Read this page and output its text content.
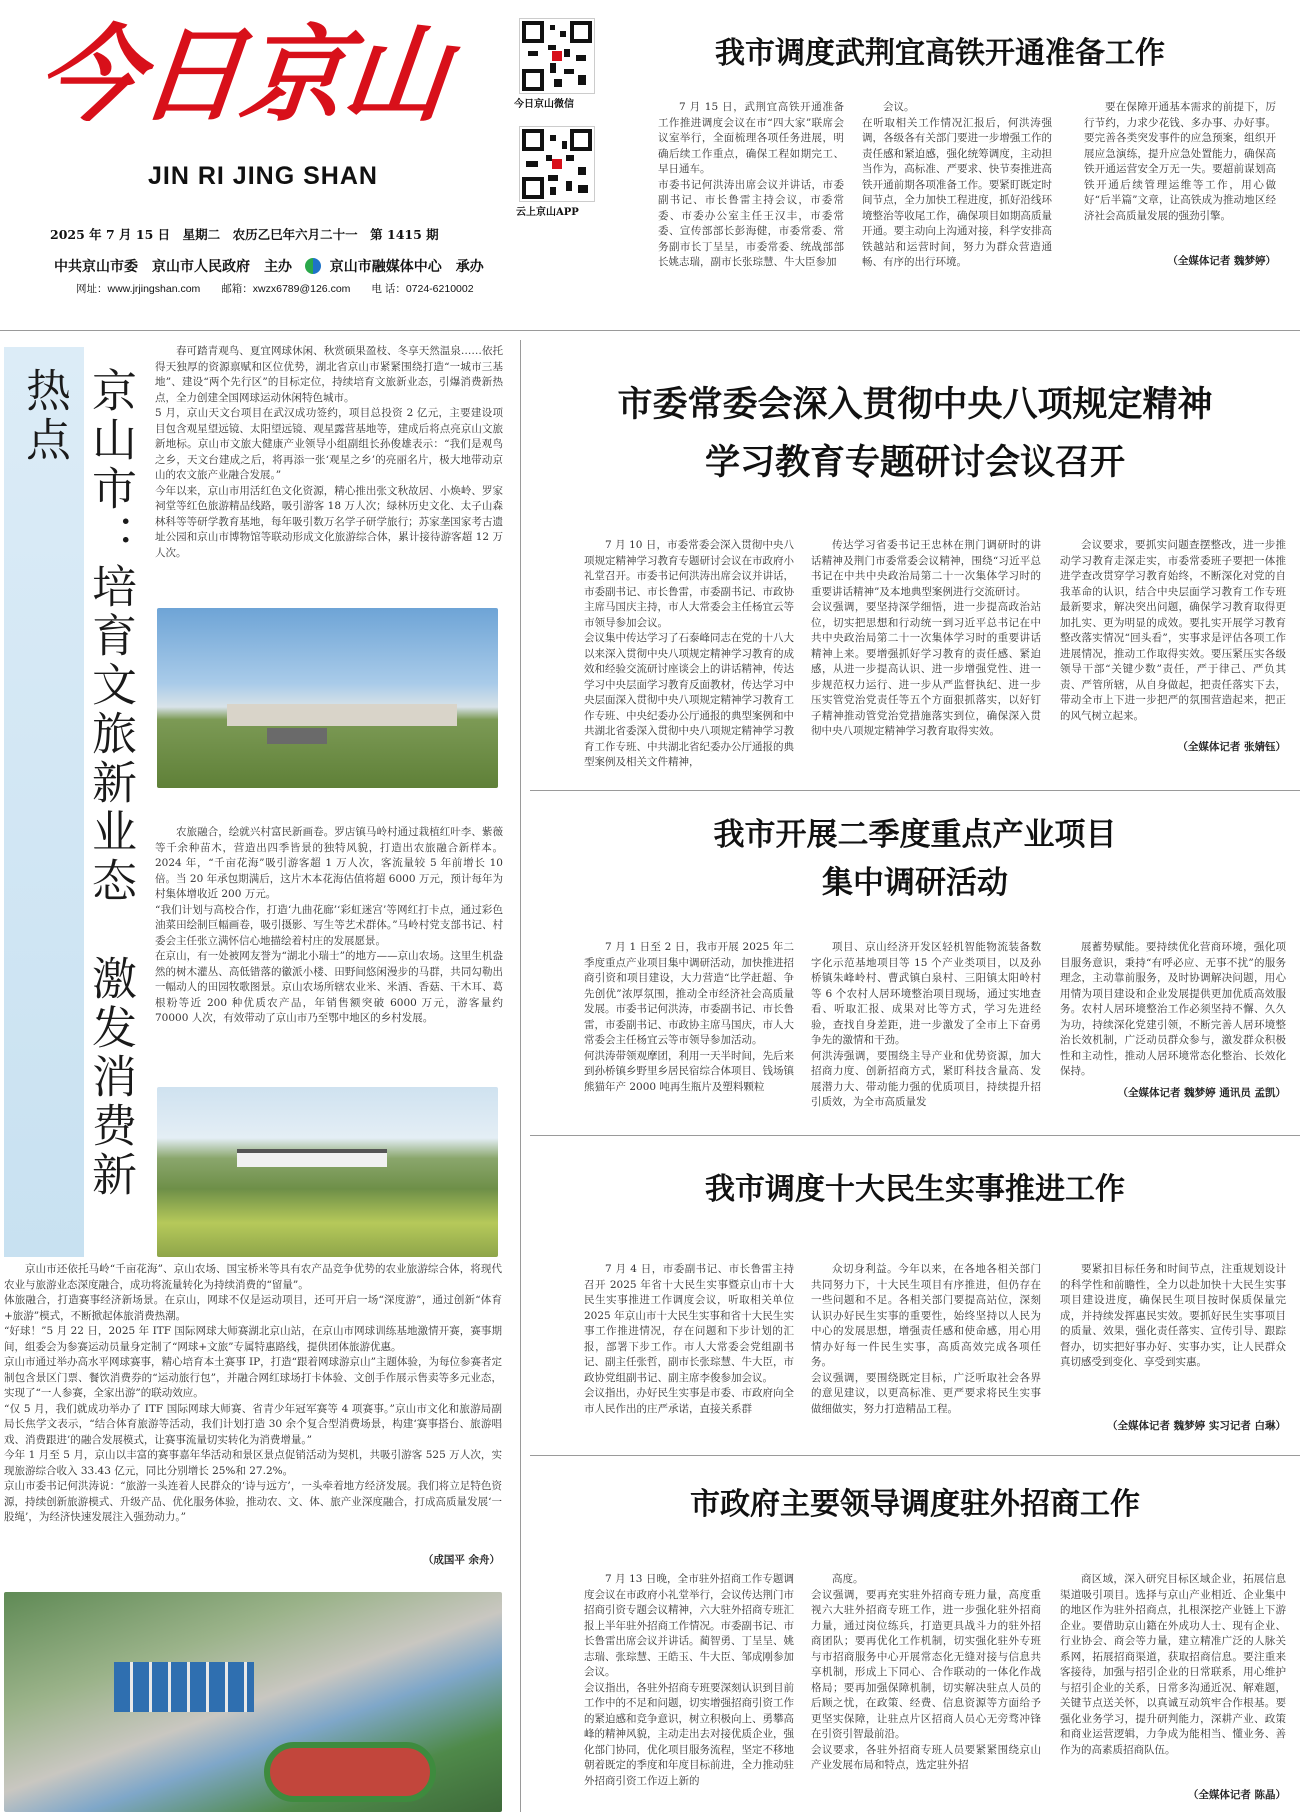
今日京山
JIN RI JING SHAN
2025 年 7 月 15 日　星期二　农历乙巳年六月二十一　第 1415 期
中共京山市委　京山市人民政府　主办	京山市融媒体中心　承办
网址：www.jrjingshan.com　　邮箱：xwzx6789@126.com　　电 话：0724-6210002
今日京山微信
云上京山APP
我市调度武荆宜高铁开通准备工作
7 月 15 日，武荆宜高铁开通准备工作推进调度会议在市“四大家”联席会议室举行，全面梳理各项任务进展，明确后续工作重点，确保工程如期完工、早日通车。
市委书记何洪涛出席会议并讲话，市委副书记、市长鲁雷主持会议，市委常委、市委办公室主任王汉丰，市委常委、宣传部部长彭海健，市委常委、常务副市长丁呈呈，市委常委、统战部部长姚志瑞，副市长张琮慧、牛大臣参加
会议。
在听取相关工作情况汇报后，何洪涛强调，各级各有关部门要进一步增强工作的责任感和紧迫感，强化统筹调度，主动担当作为，高标准、严要求、快节奏推进高铁开通前期各项准备工作。要紧盯既定时间节点，全力加快工程进度，抓好沿线环境整治等收尾工作，确保项目如期高质量开通。要主动向上沟通对接，科学安排高铁越站和运营时间，努力为群众营造通畅、有序的出行环境。
要在保障开通基本需求的前提下，厉行节约，力求少花钱、多办事、办好事。要完善各类突发事件的应急预案，组织开展应急演练，提升应急处置能力，确保高铁开通运营安全万无一失。要超前谋划高铁开通后续管理运维等工作，用心做好“后半篇”文章，让高铁成为推动地区经济社会高质量发展的强劲引擎。
（全媒体记者 魏梦婷）
京山市：培育文旅新业态　激发消费新热点
春可踏青观鸟、夏宜网球休闲、秋赏硕果盈枝、冬享天然温泉……依托得天独厚的资源禀赋和区位优势，湖北省京山市紧紧围绕打造“一城市三基地”、建设“两个先行区”的目标定位，持续培育文旅新业态，引爆消费新热点，全力创建全国网球运动休闲特色城市。
5 月，京山天文台项目在武汉成功签约，项目总投资 2 亿元，主要建设项目包含观星望远镜、太阳望远镜、观星露营基地等，建成后将点亮京山文旅新地标。京山市文旅大健康产业领导小组副组长孙俊雄表示：“我们是观鸟之乡，天文台建成之后，将再添一张‘观星之乡’的亮丽名片，极大地带动京山的农文旅产业融合发展。”
今年以来，京山市用活红色文化资源，精心推出张文秋故居、小焕岭、罗家祠堂等红色旅游精品线路，吸引游客 18 万人次；绿林历史文化、太子山森林科等等研学教育基地，每年吸引数万名学子研学旅行；苏家垄国家考古遗址公园和京山市博物馆等联动形成文化旅游综合体，累计接待游客超 12 万人次。
农旅融合，绘就兴村富民新画卷。罗店镇马岭村通过栽植红叶李、紫薇等千余种苗木，营造出四季皆景的独特风貌，打造出农旅融合新样本。2024 年，“千亩花海”吸引游客超 1 万人次，客流量较 5 年前增长 10 倍。当 20 年承包期满后，这片木本花海估值将超 6000 万元，预计每年为村集体增收近 200 万元。
“我们计划与高校合作，打造‘九曲花廊’‘彩虹迷宫’等网红打卡点，通过彩色油菜田绘制巨幅画卷，吸引摄影、写生等艺术群体。”马岭村党支部书记、村委会主任张立满怀信心地描绘着村庄的发展愿景。
在京山，有一处被网友誉为“湖北小瑞士”的地方——京山农场。这里生机盎然的树木灌丛、高低错落的徽派小楼、田野间悠闲漫步的马群，共同勾勒出一幅动人的田园牧歌图景。京山农场所辖农业米、米酒、香菇、干木耳、葛根粉等近 200 种优质农产品，年销售额突破 6000 万元，游客量约 70000 人次，有效带动了京山市乃至鄂中地区的乡村发展。
京山市还依托马岭“千亩花海”、京山农场、国宝桥米等具有农产品竞争优势的农业旅游综合体，将现代农业与旅游业态深度融合，成功将流量转化为持续消费的“留量”。
体旅融合，打造赛事经济新场景。在京山，网球不仅是运动项目，还可开启一场“深度游”，通过创新“体育+旅游”模式，不断掀起体旅消费热潮。
“好球！”5 月 22 日，2025 年 ITF 国际网球大师赛湖北京山站，在京山市网球训练基地激情开赛，赛事期间，组委会为参赛运动员量身定制了“网球+文旅”专属特惠路线，提供团体旅游优惠。
京山市通过举办高水平网球赛事，精心培育本土赛事 IP，打造“跟着网球游京山”主题体验，为每位参赛者定制包含景区门票、餐饮消费券的“运动旅行包”，并融合网红球场打卡体验、文创手作展示售卖等多元业态，实现了“一人参赛，全家出游”的联动效应。
“仅 5 月，我们就成功举办了 ITF 国际网球大师赛、省青少年冠军赛等 4 项赛事。”京山市文化和旅游局副局长焦学文表示，“结合体育旅游等活动，我们计划打造 30 余个复合型消费场景，构建‘赛事搭台、旅游唱戏、消费跟进’的融合发展模式，让赛事流量切实转化为消费增量。”
今年 1 月至 5 月，京山以丰富的赛事嘉年华活动和景区景点促销活动为契机，共吸引游客 525 万人次，实现旅游综合收入 33.43 亿元，同比分别增长 25%和 27.2%。
京山市委书记何洪涛说：“旅游一头连着人民群众的‘诗与远方’，一头牵着地方经济发展。我们将立足特色资源，持续创新旅游模式、升级产品、优化服务体验，推动农、文、体、旅产业深度融合，打成高质量发展‘一股绳’，为经济快速发展注入强劲动力。”
（成国平 余舟）
市委常委会深入贯彻中央八项规定精神
学习教育专题研讨会议召开
7 月 10 日，市委常委会深入贯彻中央八项规定精神学习教育专题研讨会议在市政府小礼堂召开。市委书记何洪涛出席会议并讲话，市委副书记、市长鲁雷，市委副书记、市政协主席马国庆主持，市人大常委会主任杨宜云等市领导参加会议。
会议集中传达学习了石泰峰同志在党的十八大以来深入贯彻中央八项规定精神学习教育的成效和经验交流研讨座谈会上的讲话精神，传达学习中央层面学习教育反面教材，传达学习中央层面深入贯彻中央八项规定精神学习教育工作专班、中央纪委办公厅通报的典型案例和中共湖北省委深入贯彻中央八项规定精神学习教育工作专班、中共湖北省纪委办公厅通报的典型案例及相关文件精神，
传达学习省委书记王忠林在荆门调研时的讲话精神及荆门市委常委会议精神，围绕“习近平总书记在中共中央政治局第二十一次集体学习时的重要讲话精神”及本地典型案例进行交流研讨。
会议强调，要坚持深学细悟，进一步提高政治站位，切实把思想和行动统一到习近平总书记在中共中央政治局第二十一次集体学习时的重要讲话精神上来。要增强抓好学习教育的责任感、紧迫感，从进一步提高认识、进一步增强党性、进一步规范权力运行、进一步从严监督执纪、进一步压实管党治党责任等五个方面狠抓落实，以好钉子精神推动管党治党措施落实到位，确保深入贯彻中央八项规定精神学习教育取得实效。
会议要求，要抓实问题查摆整改，进一步推动学习教育走深走实，市委常委班子要把一体推进学查改贯穿学习教育始终，不断深化对党的自我革命的认识，结合中央层面学习教育工作专班最新要求，解决突出问题，确保学习教育取得更加扎实、更为明显的成效。要扎实开展学习教育整改落实情况“回头看”，实事求是评估各项工作进展情况，推动工作取得实效。要压紧压实各级领导干部“关键少数”责任，严于律己、严负其责、严管所辖，从自身做起，把责任落实下去，带动全市上下进一步把严的氛围营造起来，把正的风气树立起来。
（全媒体记者 张婧钰）
我市开展二季度重点产业项目
集中调研活动
7 月 1 日至 2 日，我市开展 2025 年二季度重点产业项目集中调研活动，加快推进招商引资和项目建设，大力营造“比学赶超、争先创优”浓厚氛围，推动全市经济社会高质量发展。市委书记何洪涛，市委副书记、市长鲁雷，市委副书记、市政协主席马国庆，市人大常委会主任杨宜云等市领导参加活动。
何洪涛带领观摩团，利用一天半时间，先后来到孙桥镇乡野里乡居民宿综合体项目、钱场镇熊猫年产 2000 吨再生瓶片及塑料颗粒
项目、京山经济开发区轻机智能物流装备数字化示范基地项目等 15 个产业类项目，以及孙桥镇朱峰岭村、曹武镇白泉村、三阳镇太阳岭村等 6 个农村人居环境整治项目现场，通过实地查看、听取汇报、成果对比等方式，学习先进经验，查找自身差距，进一步激发了全市上下奋勇争先的激情和干劲。
何洪涛强调，要围绕主导产业和优势资源，加大招商力度、创新招商方式，紧盯科技含量高、发展潜力大、带动能力强的优质项目，持续提升招引质效，为全市高质量发
展蓄势赋能。要持续优化营商环境，强化项目服务意识，秉持“有呼必应、无事不扰”的服务理念，主动靠前服务，及时协调解决问题，用心用情为项目建设和企业发展提供更加优质高效服务。农村人居环境整治工作必须坚持不懈、久久为功，持续深化党建引领，不断完善人居环境整治长效机制，广泛动员群众参与，激发群众积极性和主动性，推动人居环境常态化整治、长效化保持。
（全媒体记者 魏梦婷 通讯员 孟凯）
我市调度十大民生实事推进工作
7 月 4 日，市委副书记、市长鲁雷主持召开 2025 年省十大民生实事暨京山市十大民生实事推进工作调度会议，听取相关单位 2025 年京山市十大民生实事和省十大民生实事工作推进情况，存在问题和下步计划的汇报，部署下步工作。市人大常委会党组副书记、副主任张哲，副市长张琮慧、牛大臣，市政协党组副书记、副主席李俊参加会议。
会议指出，办好民生实事是市委、市政府向全市人民作出的庄严承诺，直接关系群
众切身利益。今年以来，在各地各相关部门共同努力下，十大民生项目有序推进，但仍存在一些问题和不足。各相关部门要提高站位，深刻认识办好民生实事的重要性，始终坚持以人民为中心的发展思想，增强责任感和使命感，用心用情办好每一件民生实事，高质高效完成各项任务。
会议强调，要围绕既定目标，广泛听取社会各界的意见建议，以更高标准、更严要求将民生实事做细做实，努力打造精品工程。
要紧扣目标任务和时间节点，注重规划设计的科学性和前瞻性，全力以赴加快十大民生实事项目建设进度，确保民生项目按时保质保量完成，并持续发挥惠民实效。要抓好民生实事项目的质量、效果，强化责任落实、宣传引导、跟踪督办，切实把好事办好、实事办实，让人民群众真切感受到变化、享受到实惠。
（全媒体记者 魏梦婷 实习记者 白琳）
市政府主要领导调度驻外招商工作
7 月 13 日晚，全市驻外招商工作专题调度会议在市政府小礼堂举行，会议传达荆门市招商引资专题会议精神，六大驻外招商专班汇报上半年驻外招商工作情况。市委副书记、市长鲁雷出席会议并讲话。蔺智勇、丁呈呈、姚志瑞、张琮慧、王皓玉、牛大臣、邹成刚参加会议。
会议指出，各驻外招商专班要深刻认识到目前工作中的不足和问题，切实增强招商引资工作的紧迫感和竞争意识，树立积极向上、勇攀高峰的精神风貌，主动走出去对接优质企业，强化部门协同，优化项目服务流程，坚定不移地朝着既定的季度和年度目标前进，全力推动驻外招商引资工作迈上新的
高度。
会议强调，要再充实驻外招商专班力量，高度重视六大驻外招商专班工作，进一步强化驻外招商力量，通过岗位练兵，打造更具战斗力的驻外招商团队；要再优化工作机制，切实强化驻外专班与市招商服务中心开展常态化无缝对接与信息共享机制，形成上下同心、合作联动的一体化作战格局；要再加强保障机制，切实解决驻点人员的后顾之忧，在政策、经费、信息资源等方面给予更坚实保障，让驻点片区招商人员心无旁骛冲锋在引资引智最前沿。
会议要求，各驻外招商专班人员要紧紧围绕京山产业发展布局和特点，选定驻外招
商区域，深入研究目标区域企业，拓展信息渠道吸引项目。选择与京山产业相近、企业集中的地区作为驻外招商点，扎根深挖产业链上下游企业。要借助京山籍在外成功人士、现有企业、行业协会、商会等力量，建立精准广泛的人脉关系网，拓展招商渠道，获取招商信息。要注重来客接待，加强与招引企业的日常联系，用心维护与招引企业的关系，日常多沟通近况、解难题，关键节点送关怀，以真诚互动筑牢合作根基。要强化业务学习，提升研判能力，深耕产业、政策和商业运营逻辑，力争成为能相当、懂业务、善作为的高素质招商队伍。
（全媒体记者 陈晶）
